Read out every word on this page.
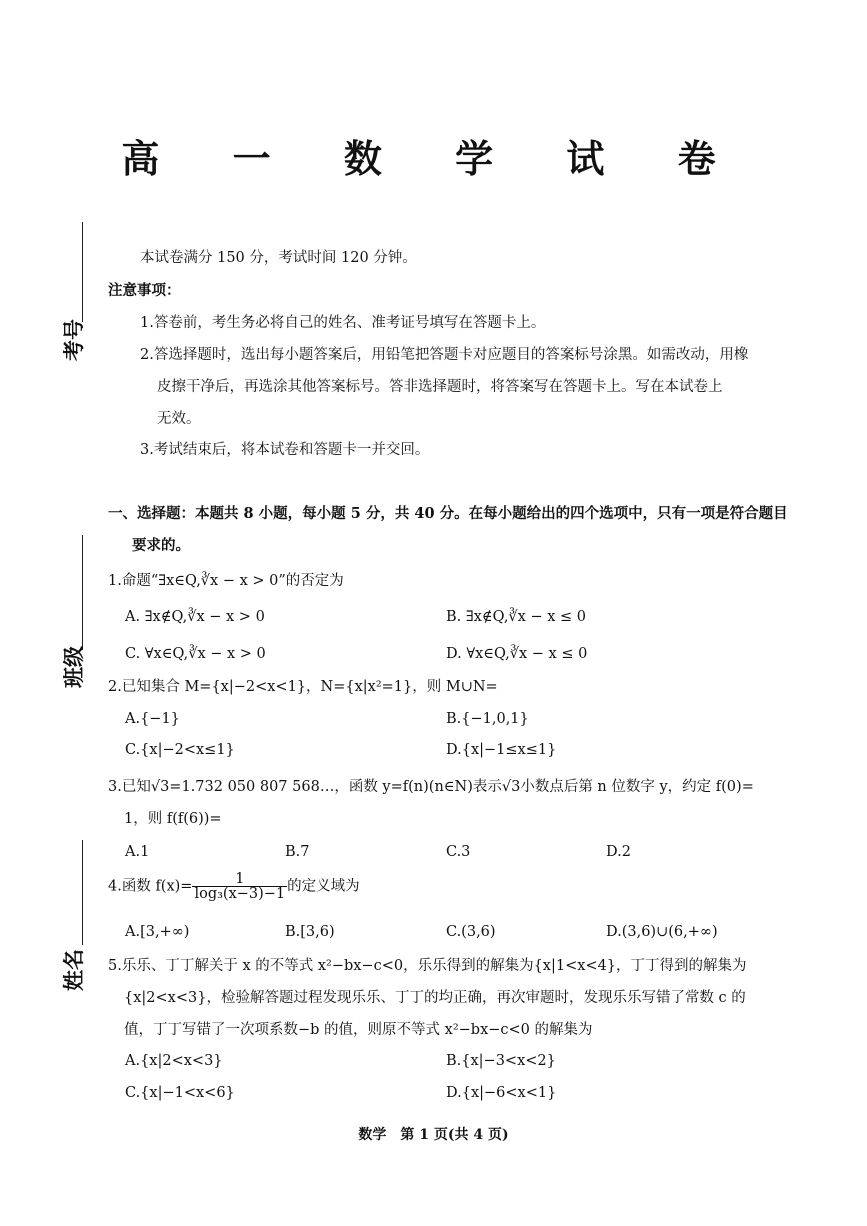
高 一 数 学 试 卷
考号
班级
姓名
本试卷满分 150 分，考试时间 120 分钟。
注意事项：
1.答卷前，考生务必将自己的姓名、准考证号填写在答题卡上。
2.答选择题时，选出每小题答案后，用铅笔把答题卡对应题目的答案标号涂黑。如需改动，用橡
皮擦干净后，再选涂其他答案标号。答非选择题时，将答案写在答题卡上。写在本试卷上
无效。
3.考试结束后，将本试卷和答题卡一并交回。
一、选择题：本题共 8 小题，每小题 5 分，共 40 分。在每小题给出的四个选项中，只有一项是符合题目
要求的。
1.命题“∃x∈Q,∛x − x > 0”的否定为
A. ∃x∉Q,∛x − x > 0	B. ∃x∉Q,∛x − x ≤ 0
C. ∀x∈Q,∛x − x > 0	D. ∀x∈Q,∛x − x ≤ 0
2.已知集合 M={x|−2<x<1}，N={x|x²=1}，则 M∪N=
A.{−1}	B.{−1,0,1}
C.{x|−2<x≤1}	D.{x|−1≤x≤1}
3.已知√3=1.732 050 807 568…，函数 y=f(n)(n∈N)表示√3小数点后第 n 位数字 y，约定 f(0)=
1，则 f(f(6))=
A.1	B.7	C.3	D.2
4.函数 $f(x)= \frac{1}{\text{log₃(x−3)−1}}$ 的定义域为
A.[3,+∞)	B.[3,6)	C.(3,6)	D.(3,6)∪(6,+∞)
5.乐乐、丁丁解关于 x 的不等式 x²−bx−c<0，乐乐得到的解集为{x|1<x<4}，丁丁得到的解集为
{x|2<x<3}，检验解答题过程发现乐乐、丁丁的均正确，再次审题时，发现乐乐写错了常数 c 的
值，丁丁写错了一次项系数−b 的值，则原不等式 x²−bx−c<0 的解集为
A.{x|2<x<3}	B.{x|−3<x<2}
C.{x|−1<x<6}	D.{x|−6<x<1}
数学　第 1 页(共 4 页)
